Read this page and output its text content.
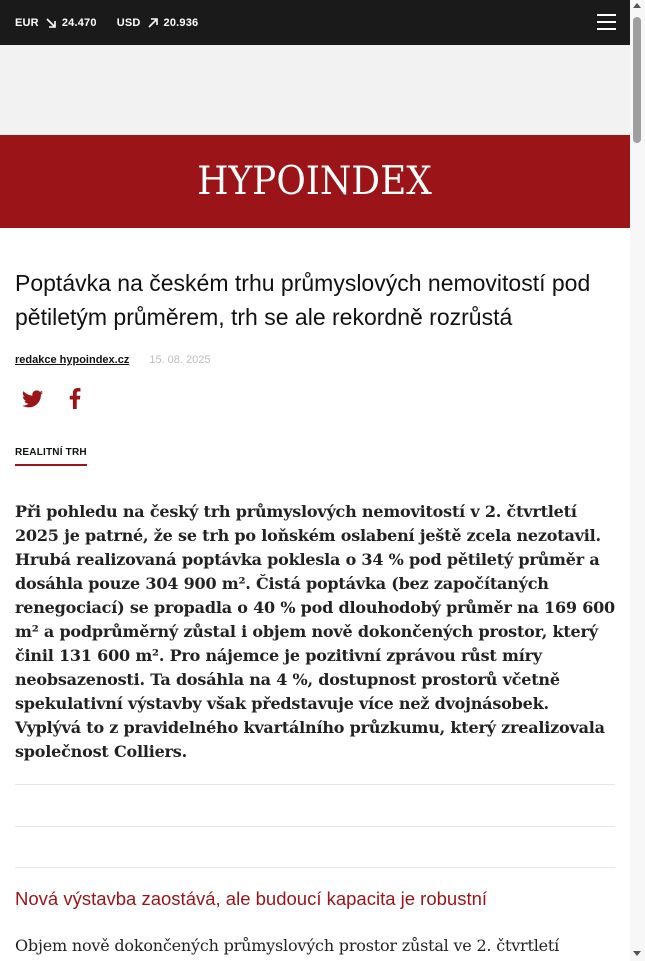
EUR 24.470 USD 20.936
HYPOINDEX
Poptávka na českém trhu průmyslových nemovitostí pod pětiletým průměrem, trh se ale rekordně rozrůstá
redakce hypoindex.cz 15. 08. 2025
REALITNÍ TRH

Při pohledu na český trh průmyslových nemovitostí v 2. čtvrtletí 2025 je patrné, že se trh po loňském oslabení ještě zcela nezotavil. Hrubá realizovaná poptávka poklesla o 34 % pod pětiletý průměr a dosáhla pouze 304 900 m². Čistá poptávka (bez započítaných renegociací) se propadla o 40 % pod dlouhodobý průměr na 169 600 m² a podprůměrný zůstal i objem nově dokončených prostor, který činil 131 600 m². Pro nájemce je pozitivní zprávou růst míry neobsazenosti. Ta dosáhla na 4 %, dostupnost prostorů včetně spekulativní výstavby však představuje více než dvojnásobek. Vyplývá to z pravidelného kvartálního průzkumu, který zrealizovala společnost Colliers.

Nová výstavba zaostává, ale budoucí kapacita je robustní

Objem nově dokončených průmyslových prostor zůstal ve 2. čtvrtletí
